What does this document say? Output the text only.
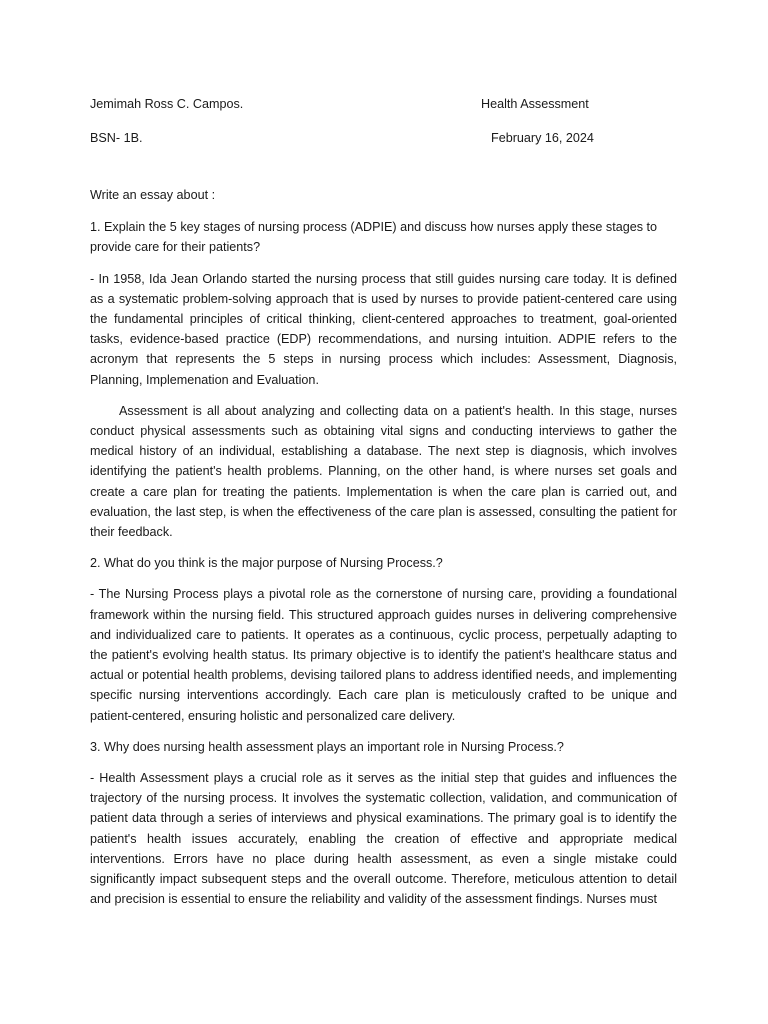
Jemimah Ross C. Campos.	Health Assessment
BSN- 1B.	February 16, 2024

Write an essay about :

1. Explain the 5 key stages of nursing process (ADPIE) and discuss how nurses apply these stages to provide care for their patients?

- In 1958, Ida Jean Orlando started the nursing process that still guides nursing care today. It is defined as a systematic problem-solving approach that is used by nurses to provide patient-centered care using the fundamental principles of critical thinking, client-centered approaches to treatment, goal-oriented tasks, evidence-based practice (EDP) recommendations, and nursing intuition. ADPIE refers to the acronym that represents the 5 steps in nursing process which includes: Assessment, Diagnosis, Planning, Implemenation and Evaluation.

Assessment is all about analyzing and collecting data on a patient's health. In this stage, nurses conduct physical assessments such as obtaining vital signs and conducting interviews to gather the medical history of an individual, establishing a database. The next step is diagnosis, which involves identifying the patient's health problems. Planning, on the other hand, is where nurses set goals and create a care plan for treating the patients. Implementation is when the care plan is carried out, and evaluation, the last step, is when the effectiveness of the care plan is assessed, consulting the patient for their feedback.

2. What do you think is the major purpose of Nursing Process.?

- The Nursing Process plays a pivotal role as the cornerstone of nursing care, providing a foundational framework within the nursing field. This structured approach guides nurses in delivering comprehensive and individualized care to patients. It operates as a continuous, cyclic process, perpetually adapting to the patient's evolving health status. Its primary objective is to identify the patient's healthcare status and actual or potential health problems, devising tailored plans to address identified needs, and implementing specific nursing interventions accordingly. Each care plan is meticulously crafted to be unique and patient-centered, ensuring holistic and personalized care delivery.

3. Why does nursing health assessment plays an important role in Nursing Process.?

- Health Assessment plays a crucial role as it serves as the initial step that guides and influences the trajectory of the nursing process. It involves the systematic collection, validation, and communication of patient data through a series of interviews and physical examinations. The primary goal is to identify the patient's health issues accurately, enabling the creation of effective and appropriate medical interventions. Errors have no place during health assessment, as even a single mistake could significantly impact subsequent steps and the overall outcome. Therefore, meticulous attention to detail and precision is essential to ensure the reliability and validity of the assessment findings. Nurses must
